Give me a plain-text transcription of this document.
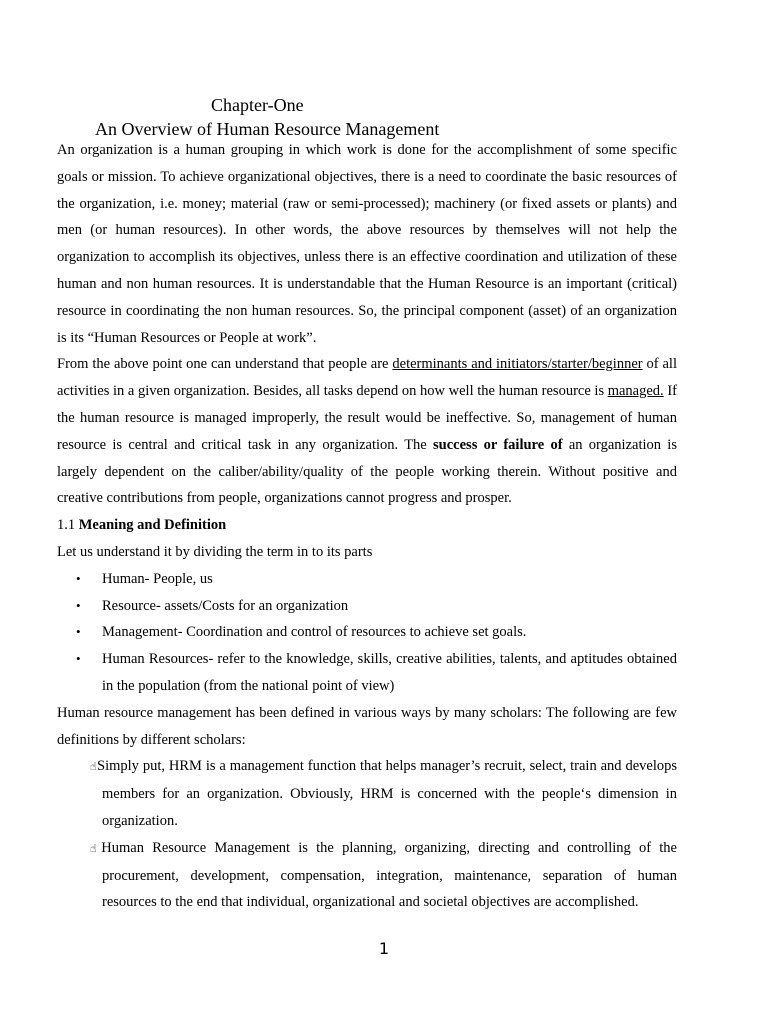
Chapter-One
An Overview of Human Resource Management

An organization is a human grouping in which work is done for the accomplishment of some specific goals or mission. To achieve organizational objectives, there is a need to coordinate the basic resources of the organization, i.e. money; material (raw or semi-processed); machinery (or fixed assets or plants) and men (or human resources). In other words, the above resources by themselves will not help the organization to accomplish its objectives, unless there is an effective coordination and utilization of these human and non human resources. It is understandable that the Human Resource is an important (critical) resource in coordinating the non human resources. So, the principal component (asset) of an organization is its “Human Resources or People at work”.

From the above point one can understand that people are determinants and initiators/starter/beginner of all activities in a given organization. Besides, all tasks depend on how well the human resource is managed. If the human resource is managed improperly, the result would be ineffective. So, management of human resource is central and critical task in any organization. The success or failure of an organization is largely dependent on the caliber/ability/quality of the people working therein. Without positive and creative contributions from people, organizations cannot progress and prosper.

1.1 Meaning and Definition

Let us understand it by dividing the term in to its parts

• Human- People, us
• Resource- assets/Costs for an organization
• Management- Coordination and control of resources to achieve set goals.
• Human Resources- refer to the knowledge, skills, creative abilities, talents, and aptitudes obtained in the population (from the national point of view)

Human resource management has been defined in various ways by many scholars: The following are few definitions by different scholars:

☝Simply put, HRM is a management function that helps manager’s recruit, select, train and develops members for an organization. Obviously, HRM is concerned with the people‘s dimension in organization.
☝Human Resource Management is the planning, organizing, directing and controlling of the procurement, development, compensation, integration, maintenance, separation of human resources to the end that individual, organizational and societal objectives are accomplished.
1
